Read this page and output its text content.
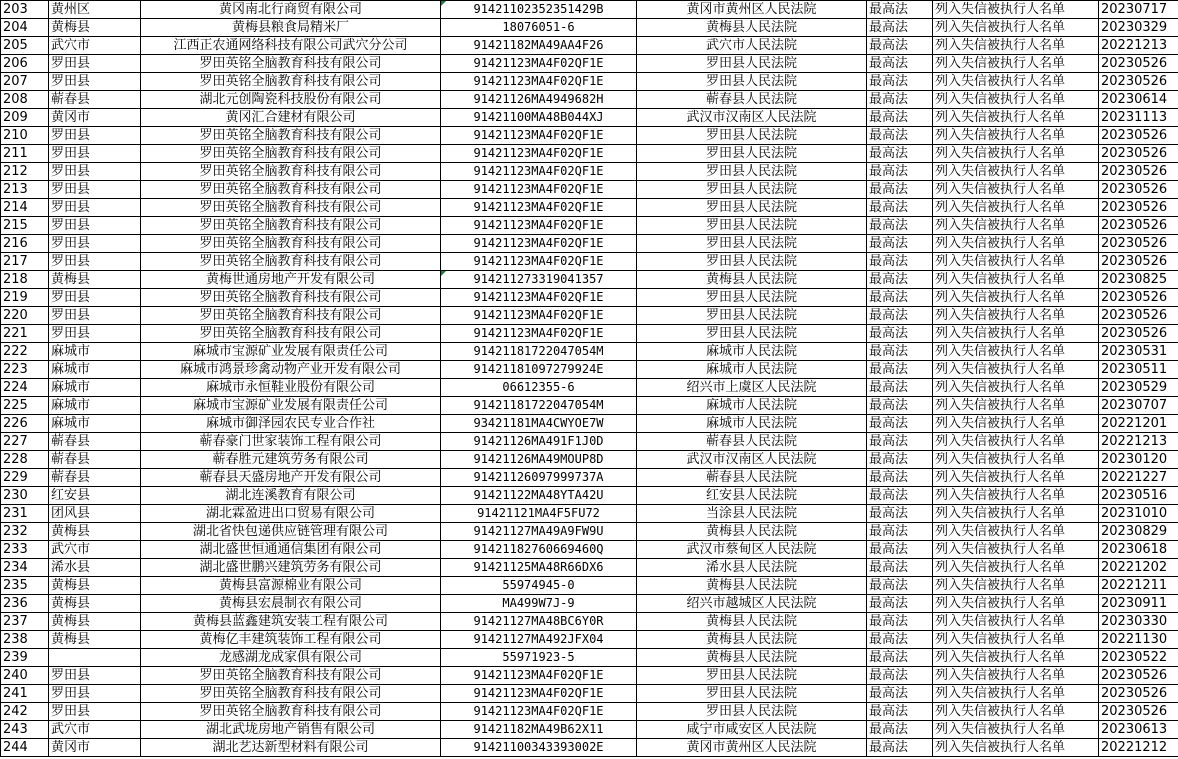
203	黄州区	黄冈南北行商贸有限公司	91421102352351429B	黄冈市黄州区人民法院	最高法	列入失信被执行人名单	20230717
204	黄梅县	黄梅县粮食局精米厂	18076051-6	黄梅县人民法院	最高法	列入失信被执行人名单	20230329
205	武穴市	江西正农通网络科技有限公司武穴分公司	91421182MA49AA4F26	武穴市人民法院	最高法	列入失信被执行人名单	20221213
206	罗田县	罗田英铭全脑教育科技有限公司	91421123MA4F02QF1E	罗田县人民法院	最高法	列入失信被执行人名单	20230526
207	罗田县	罗田英铭全脑教育科技有限公司	91421123MA4F02QF1E	罗田县人民法院	最高法	列入失信被执行人名单	20230526
208	蕲春县	湖北元创陶瓷科技股份有限公司	91421126MA4949682H	蕲春县人民法院	最高法	列入失信被执行人名单	20230614
209	黄冈市	黄冈汇合建材有限公司	91421100MA48B044XJ	武汉市汉南区人民法院	最高法	列入失信被执行人名单	20231113
210	罗田县	罗田英铭全脑教育科技有限公司	91421123MA4F02QF1E	罗田县人民法院	最高法	列入失信被执行人名单	20230526
211	罗田县	罗田英铭全脑教育科技有限公司	91421123MA4F02QF1E	罗田县人民法院	最高法	列入失信被执行人名单	20230526
212	罗田县	罗田英铭全脑教育科技有限公司	91421123MA4F02QF1E	罗田县人民法院	最高法	列入失信被执行人名单	20230526
213	罗田县	罗田英铭全脑教育科技有限公司	91421123MA4F02QF1E	罗田县人民法院	最高法	列入失信被执行人名单	20230526
214	罗田县	罗田英铭全脑教育科技有限公司	91421123MA4F02QF1E	罗田县人民法院	最高法	列入失信被执行人名单	20230526
215	罗田县	罗田英铭全脑教育科技有限公司	91421123MA4F02QF1E	罗田县人民法院	最高法	列入失信被执行人名单	20230526
216	罗田县	罗田英铭全脑教育科技有限公司	91421123MA4F02QF1E	罗田县人民法院	最高法	列入失信被执行人名单	20230526
217	罗田县	罗田英铭全脑教育科技有限公司	91421123MA4F02QF1E	罗田县人民法院	最高法	列入失信被执行人名单	20230526
218	黄梅县	黄梅世通房地产开发有限公司	914211273319041357	黄梅县人民法院	最高法	列入失信被执行人名单	20230825
219	罗田县	罗田英铭全脑教育科技有限公司	91421123MA4F02QF1E	罗田县人民法院	最高法	列入失信被执行人名单	20230526
220	罗田县	罗田英铭全脑教育科技有限公司	91421123MA4F02QF1E	罗田县人民法院	最高法	列入失信被执行人名单	20230526
221	罗田县	罗田英铭全脑教育科技有限公司	91421123MA4F02QF1E	罗田县人民法院	最高法	列入失信被执行人名单	20230526
222	麻城市	麻城市宝源矿业发展有限责任公司	91421181722047054M	麻城市人民法院	最高法	列入失信被执行人名单	20230531
223	麻城市	麻城市鸿景珍禽动物产业开发有限公司	91421181097279924E	麻城市人民法院	最高法	列入失信被执行人名单	20230511
224	麻城市	麻城市永恒鞋业股份有限公司	06612355-6	绍兴市上虞区人民法院	最高法	列入失信被执行人名单	20230529
225	麻城市	麻城市宝源矿业发展有限责任公司	91421181722047054M	麻城市人民法院	最高法	列入失信被执行人名单	20230707
226	麻城市	麻城市御泽园农民专业合作社	93421181MA4CWYOE7W	麻城市人民法院	最高法	列入失信被执行人名单	20221201
227	蕲春县	蕲春豪门世家装饰工程有限公司	91421126MA491F1J0D	蕲春县人民法院	最高法	列入失信被执行人名单	20221213
228	蕲春县	蕲春胜元建筑劳务有限公司	91421126MA49MOUP8D	武汉市汉南区人民法院	最高法	列入失信被执行人名单	20230120
229	蕲春县	蕲春县天盛房地产开发有限公司	91421126097999737A	蕲春县人民法院	最高法	列入失信被执行人名单	20221227
230	红安县	湖北连溪教育有限公司	91421122MA48YTA42U	红安县人民法院	最高法	列入失信被执行人名单	20230516
231	团风县	湖北霖盈进出口贸易有限公司	91421121MA4F5FU72	当涂县人民法院	最高法	列入失信被执行人名单	20231010
232	黄梅县	湖北省快包递供应链管理有限公司	91421127MA49A9FW9U	黄梅县人民法院	最高法	列入失信被执行人名单	20230829
233	武穴市	湖北盛世恒通通信集团有限公司	91421182760669460Q	武汉市蔡甸区人民法院	最高法	列入失信被执行人名单	20230618
234	浠水县	湖北盛世鹏兴建筑劳务有限公司	91421125MA48R66DX6	浠水县人民法院	最高法	列入失信被执行人名单	20221202
235	黄梅县	黄梅县富源棉业有限公司	55974945-0	黄梅县人民法院	最高法	列入失信被执行人名单	20221211
236	黄梅县	黄梅县宏晨制衣有限公司	MA499W7J-9	绍兴市越城区人民法院	最高法	列入失信被执行人名单	20230911
237	黄梅县	黄梅县蓝鑫建筑安装工程有限公司	91421127MA48BC6Y0R	黄梅县人民法院	最高法	列入失信被执行人名单	20230330
238	黄梅县	黄梅亿丰建筑装饰工程有限公司	91421127MA492JFX04	黄梅县人民法院	最高法	列入失信被执行人名单	20221130
239		龙感湖龙成家俱有限公司	55971923-5	黄梅县人民法院	最高法	列入失信被执行人名单	20230522
240	罗田县	罗田英铭全脑教育科技有限公司	91421123MA4F02QF1E	罗田县人民法院	最高法	列入失信被执行人名单	20230526
241	罗田县	罗田英铭全脑教育科技有限公司	91421123MA4F02QF1E	罗田县人民法院	最高法	列入失信被执行人名单	20230526
242	罗田县	罗田英铭全脑教育科技有限公司	91421123MA4F02QF1E	罗田县人民法院	最高法	列入失信被执行人名单	20230526
243	武穴市	湖北武垅房地产销售有限公司	91421182MA49B62X11	咸宁市咸安区人民法院	最高法	列入失信被执行人名单	20230613
244	黄冈市	湖北艺达新型材料有限公司	91421100343393002E	黄冈市黄州区人民法院	最高法	列入失信被执行人名单	20221212
